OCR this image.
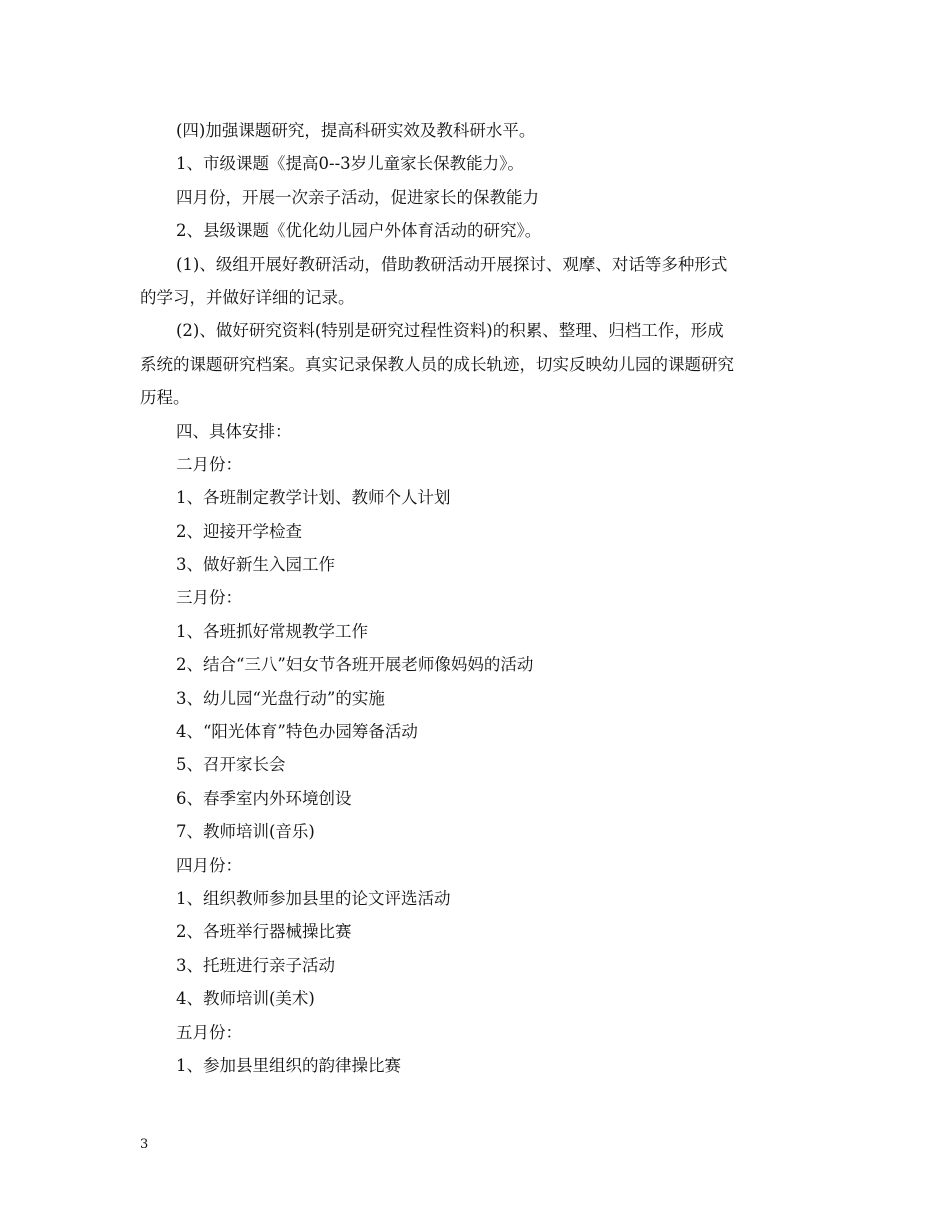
(四)加强课题研究，提高科研实效及教科研水平。
1、市级课题《提高0--3岁儿童家长保教能力》。
四月份，开展一次亲子活动，促进家长的保教能力
2、县级课题《优化幼儿园户外体育活动的研究》。
(1)、级组开展好教研活动，借助教研活动开展探讨、观摩、对话等多种形式
的学习，并做好详细的记录。
(2)、做好研究资料(特别是研究过程性资料)的积累、整理、归档工作，形成
系统的课题研究档案。真实记录保教人员的成长轨迹，切实反映幼儿园的课题研究
历程。
四、具体安排：
二月份：
1、各班制定教学计划、教师个人计划
2、迎接开学检查
3、做好新生入园工作
三月份：
1、各班抓好常规教学工作
2、结合“三八”妇女节各班开展老师像妈妈的活动
3、幼儿园“光盘行动”的实施
4、“阳光体育”特色办园筹备活动
5、召开家长会
6、春季室内外环境创设
7、教师培训(音乐)
四月份：
1、组织教师参加县里的论文评选活动
2、各班举行器械操比赛
3、托班进行亲子活动
4、教师培训(美术)
五月份：
1、参加县里组织的韵律操比赛
3
